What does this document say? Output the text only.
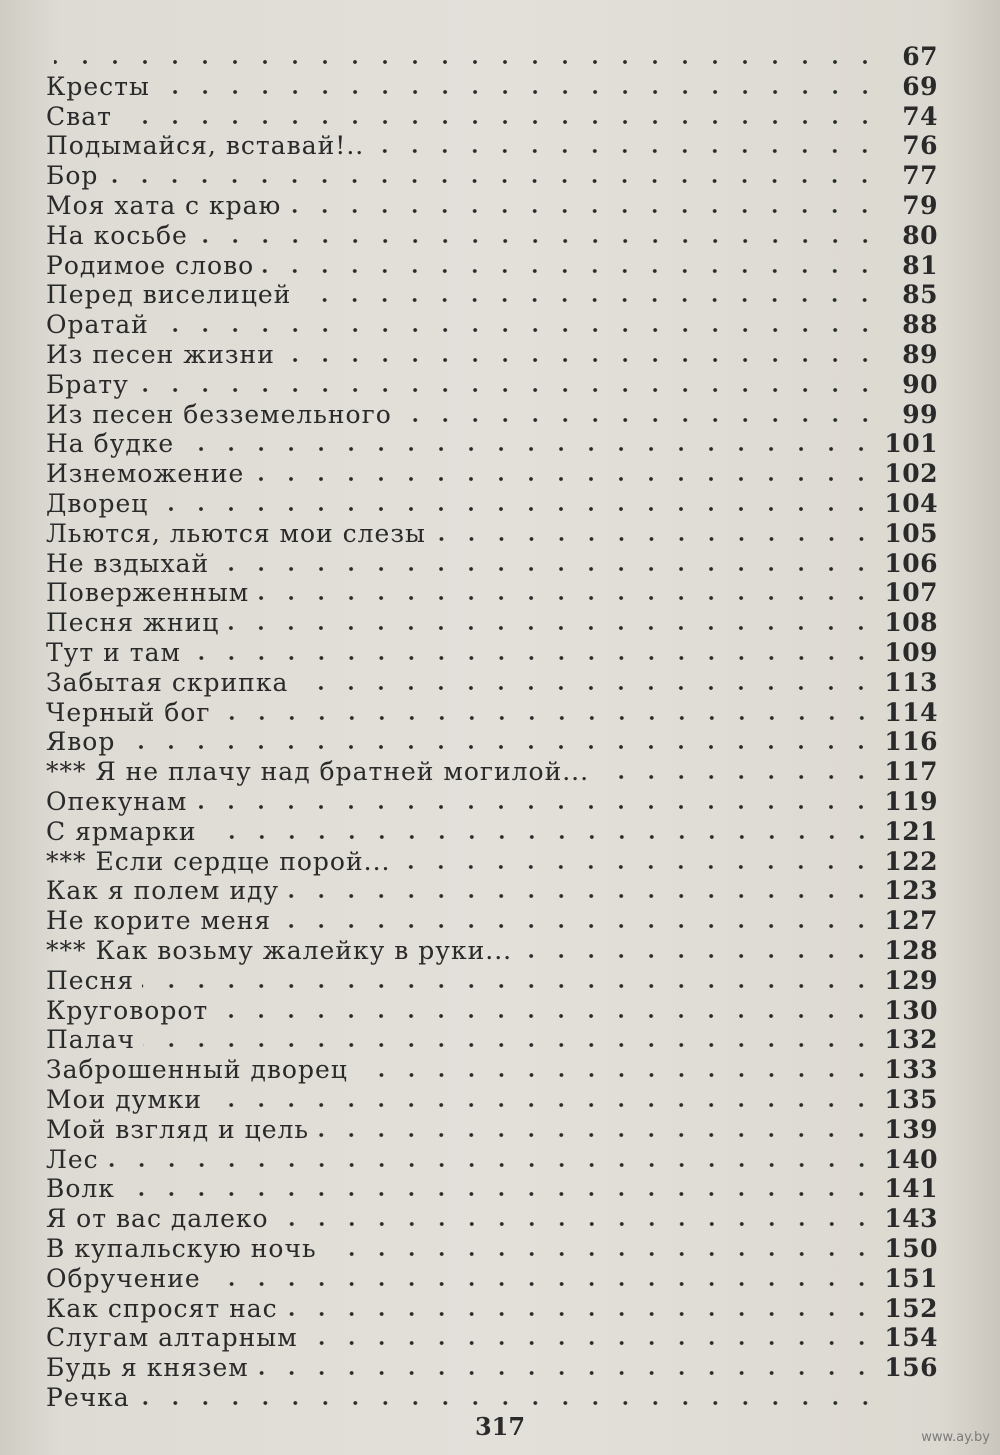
67
Кресты	69
Сват	74
Подымайся, вставай!..	76
Бор	77
Моя хата с краю	79
На косьбе	80
Родимое слово	81
Перед виселицей	85
Оратай	88
Из песен жизни	89
Брату	90
Из песен безземельного	99
На будке	101
Изнеможение	102
Дворец	104
Льются, льются мои слезы	105
Не вздыхай	106
Поверженным	107
Песня жниц	108
Тут и там	109
Забытая скрипка	113
Черный бог	114
Явор	116
*** Я не плачу над братней могилой...	117
Опекунам	119
С ярмарки	121
*** Если сердце порой...	122
Как я полем иду	123
Не корите меня	127
*** Как возьму жалейку в руки...	128
Песня	129
Круговорот	130
Палач	132
Заброшенный дворец	133
Мои думки	135
Мой взгляд и цель	139
Лес	140
Волк	141
Я от вас далеко	143
В купальскую ночь	150
Обручение	151
Как спросят нас	152
Слугам алтарным	154
Будь я князем	156
Речка
317	www.ay.by
